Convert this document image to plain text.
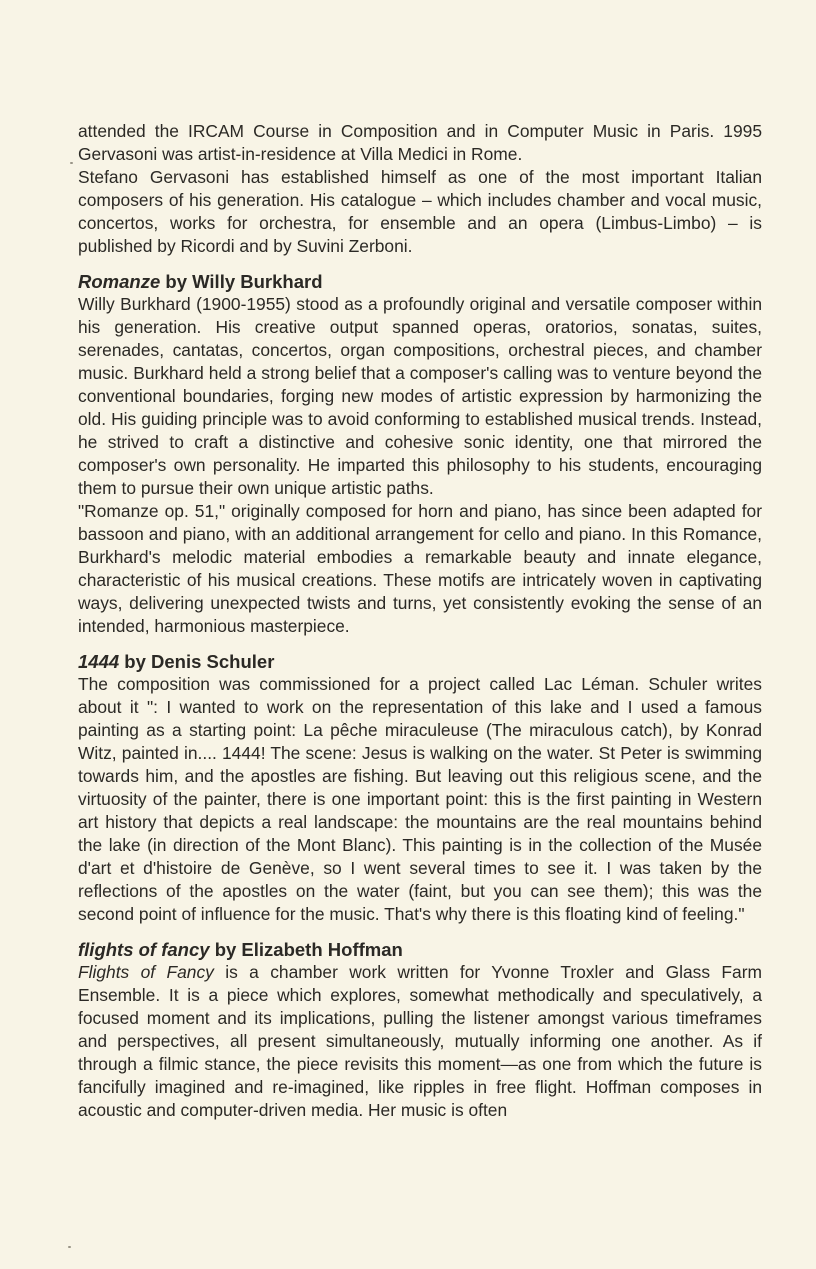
attended the IRCAM Course in Composition and in Computer Music in Paris. 1995 Gervasoni was artist-in-residence at Villa Medici in Rome.

Stefano Gervasoni has established himself as one of the most important Italian composers of his generation. His catalogue – which includes chamber and vocal music, concertos, works for orchestra, for ensemble and an opera (Limbus-Limbo) – is published by Ricordi and by Suvini Zerboni.

Romanze by Willy Burkhard

Willy Burkhard (1900-1955) stood as a profoundly original and versatile composer within his generation. His creative output spanned operas, oratorios, sonatas, suites, serenades, cantatas, concertos, organ compositions, orchestral pieces, and chamber music. Burkhard held a strong belief that a composer's calling was to venture beyond the conventional boundaries, forging new modes of artistic expression by harmonizing the old. His guiding principle was to avoid conforming to established musical trends. Instead, he strived to craft a distinctive and cohesive sonic identity, one that mirrored the composer's own personality. He imparted this philosophy to his students, encouraging them to pursue their own unique artistic paths.

"Romanze op. 51," originally composed for horn and piano, has since been adapted for bassoon and piano, with an additional arrangement for cello and piano. In this Romance, Burkhard's melodic material embodies a remarkable beauty and innate elegance, characteristic of his musical creations. These motifs are intricately woven in captivating ways, delivering unexpected twists and turns, yet consistently evoking the sense of an intended, harmonious masterpiece.

1444 by Denis Schuler

The composition was commissioned for a project called Lac Léman. Schuler writes about it ": I wanted to work on the representation of this lake and I used a famous painting as a starting point: La pêche miraculeuse (The miraculous catch), by Konrad Witz, painted in.... 1444! The scene: Jesus is walking on the water. St Peter is swimming towards him, and the apostles are fishing. But leaving out this religious scene, and the virtuosity of the painter, there is one important point: this is the first painting in Western art history that depicts a real landscape: the mountains are the real mountains behind the lake (in direction of the Mont Blanc). This painting is in the collection of the Musée d'art et d'histoire de Genève, so I went several times to see it. I was taken by the reflections of the apostles on the water (faint, but you can see them); this was the second point of influence for the music. That's why there is this floating kind of feeling."

flights of fancy by Elizabeth Hoffman

Flights of Fancy is a chamber work written for Yvonne Troxler and Glass Farm Ensemble. It is a piece which explores, somewhat methodically and speculatively, a focused moment and its implications, pulling the listener amongst various timeframes and perspectives, all present simultaneously, mutually informing one another. As if through a filmic stance, the piece revisits this moment—as one from which the future is fancifully imagined and re-imagined, like ripples in free flight. Hoffman composes in acoustic and computer-driven media. Her music is often
